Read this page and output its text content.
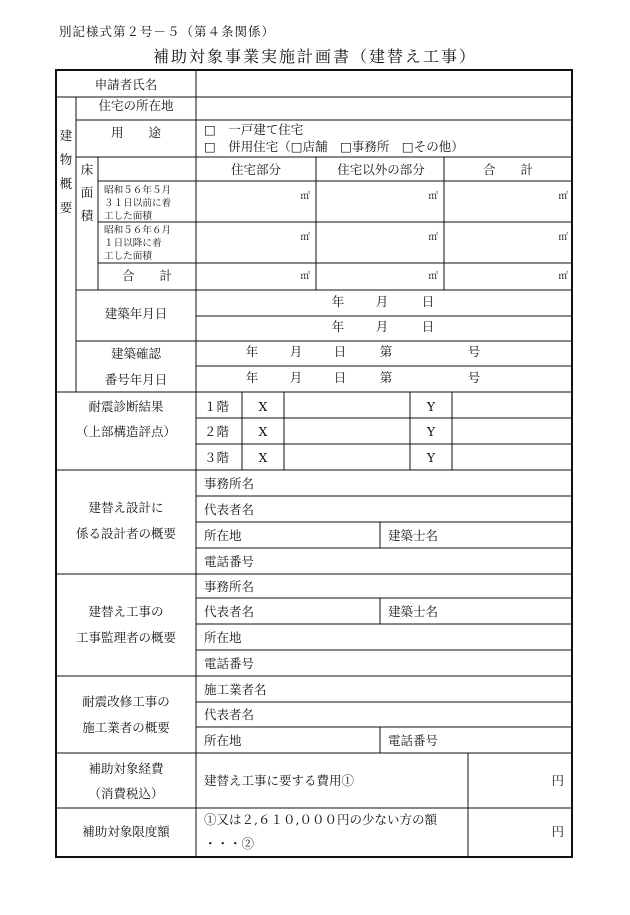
別記様式第２号－５（第４条関係）
補助対象事業実施計画書（建替え工事）
申請者氏名
建
物
概
要
住宅の所在地
用　　途	□　一戸建て住宅
□　併用住宅（□店舗　□事務所　□その他）
床
面
積
住宅部分	住宅以外の部分	合　　計
昭和５６年５月
３１日以前に着
工した面積
㎡	㎡	㎡
昭和５６年６月
１日以降に着
工した面積
㎡	㎡	㎡
合　　計	㎡	㎡	㎡
建築年月日
年	月	日
年	月	日
建築確認
番号年月日
年	月	日	第	号
年	月	日	第	号
耐震診断結果
（上部構造評点）
１階 X	Y
２階 X	Y
３階 X	Y
建替え設計に
係る設計者の概要
事務所名
代表者名
所在地	建築士名
電話番号
建替え工事の
工事監理者の概要
事務所名
代表者名	建築士名
所在地
電話番号
耐震改修工事の
施工業者の概要
施工業者名
代表者名
所在地	電話番号
補助対象経費
（消費税込）
建替え工事に要する費用①	円
補助対象限度額
①又は２,６１０,０００円の少ない方の額
・・・②
円
